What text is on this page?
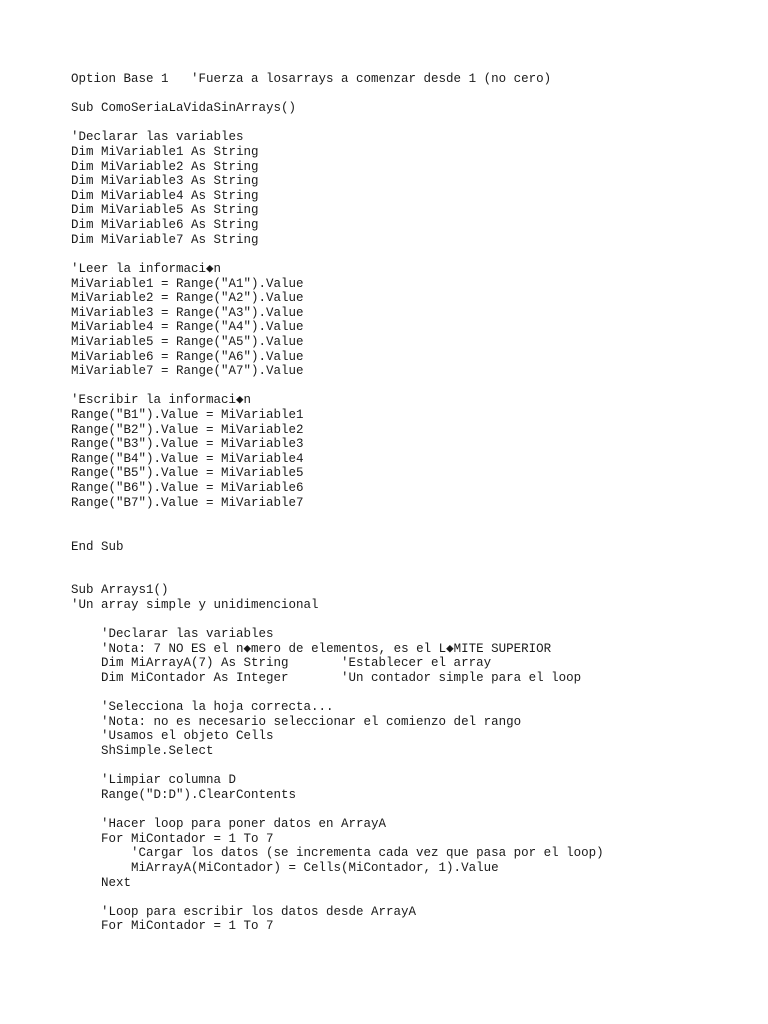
Option Base 1   'Fuerza a losarrays a comenzar desde 1 (no cero)

Sub ComoSeriaLaVidaSinArrays()

'Declarar las variables
Dim MiVariable1 As String
Dim MiVariable2 As String
Dim MiVariable3 As String
Dim MiVariable4 As String
Dim MiVariable5 As String
Dim MiVariable6 As String
Dim MiVariable7 As String

'Leer la informaci◆n
MiVariable1 = Range("A1").Value
MiVariable2 = Range("A2").Value
MiVariable3 = Range("A3").Value
MiVariable4 = Range("A4").Value
MiVariable5 = Range("A5").Value
MiVariable6 = Range("A6").Value
MiVariable7 = Range("A7").Value

'Escribir la informaci◆n
Range("B1").Value = MiVariable1
Range("B2").Value = MiVariable2
Range("B3").Value = MiVariable3
Range("B4").Value = MiVariable4
Range("B5").Value = MiVariable5
Range("B6").Value = MiVariable6
Range("B7").Value = MiVariable7

End Sub

Sub Arrays1()
'Un array simple y unidimencional

'Declarar las variables
'Nota: 7 NO ES el n◆mero de elementos, es el L◆MITE SUPERIOR
Dim MiArrayA(7) As String       'Establecer el array
Dim MiContador As Integer       'Un contador simple para el loop

'Selecciona la hoja correcta...
'Nota: no es necesario seleccionar el comienzo del rango
'Usamos el objeto Cells
ShSimple.Select

'Limpiar columna D
Range("D:D").ClearContents

'Hacer loop para poner datos en ArrayA
For MiContador = 1 To 7
'Cargar los datos (se incrementa cada vez que pasa por el loop)
MiArrayA(MiContador) = Cells(MiContador, 1).Value
Next

'Loop para escribir los datos desde ArrayA
For MiContador = 1 To 7
